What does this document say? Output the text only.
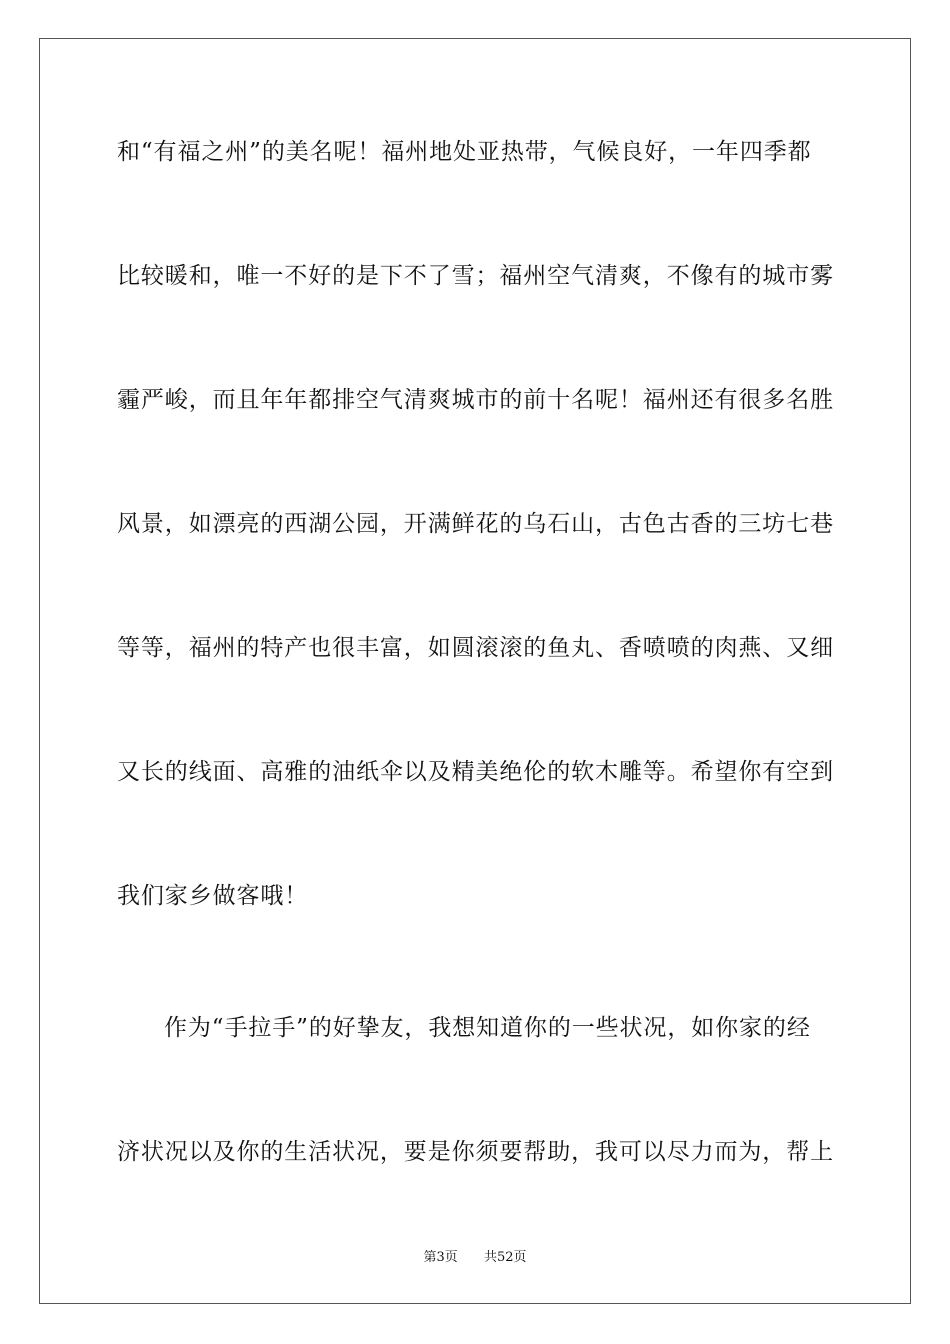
和“有福之州”的美名呢！福州地处亚热带，气候良好，一年四季都
比较暖和，唯一不好的是下不了雪；福州空气清爽，不像有的城市雾
霾严峻，而且年年都排空气清爽城市的前十名呢！福州还有很多名胜
风景，如漂亮的西湖公园，开满鲜花的乌石山，古色古香的三坊七巷
等等，福州的特产也很丰富，如圆滚滚的鱼丸、香喷喷的肉燕、又细
又长的线面、高雅的油纸伞以及精美绝伦的软木雕等。希望你有空到
我们家乡做客哦！
作为“手拉手”的好挚友，我想知道你的一些状况，如你家的经
济状况以及你的生活状况，要是你须要帮助，我可以尽力而为，帮上
第3页 共52页
